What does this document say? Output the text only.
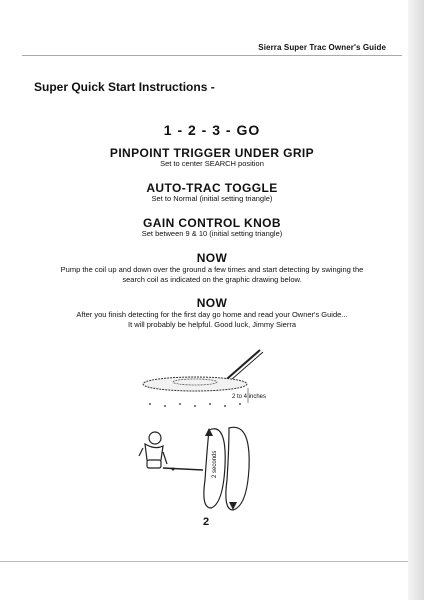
Sierra Super Trac Owner's Guide
Super Quick Start Instructions -
1 - 2 - 3 - GO
PINPOINT TRIGGER UNDER GRIP
Set to center SEARCH position
AUTO-TRAC TOGGLE
Set to Normal (initial setting triangle)
GAIN CONTROL KNOB
Set between 9 & 10 (initial setting triangle)
NOW
Pump the coil up and down over the ground a few times and start detecting by swinging the
search coil as indicated on the graphic drawing below.
NOW
After you finish detecting for the first day go home and read your Owner's Guide...
It will probably be helpful. Good luck, Jimmy Sierra
2 to 4 inches
2 seconds
2
